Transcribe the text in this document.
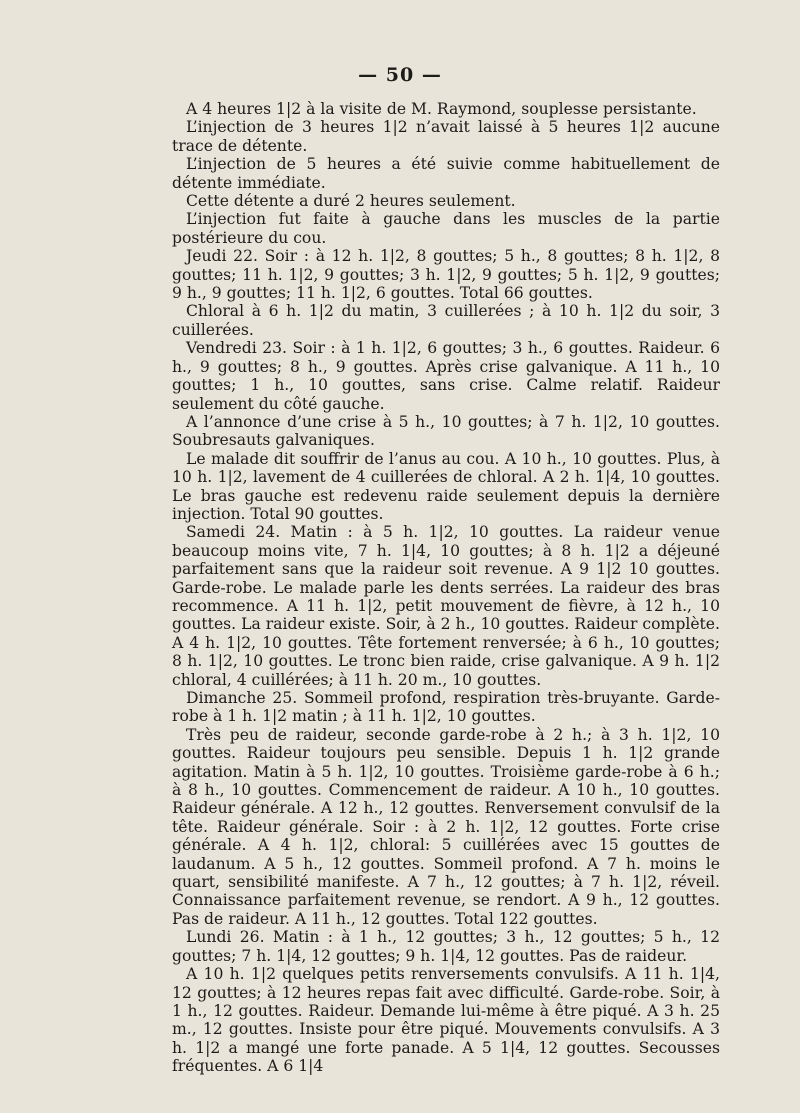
— 50 —

A 4 heures 1|2 à la visite de M. Raymond, souplesse persistante.

L’injection de 3 heures 1|2 n’avait laissé à 5 heures 1|2 aucune trace de détente.

L’injection de 5 heures a été suivie comme habituellement de détente immédiate.

Cette détente a duré 2 heures seulement.

L’injection fut faite à gauche dans les muscles de la partie postérieure du cou.

Jeudi 22. Soir : à 12 h. 1|2, 8 gouttes; 5 h., 8 gouttes; 8 h. 1|2, 8 gouttes; 11 h. 1|2, 9 gouttes; 3 h. 1|2, 9 gouttes; 5 h. 1|2, 9 gouttes; 9 h., 9 gouttes; 11 h. 1|2, 6 gouttes. Total 66 gouttes.

Chloral à 6 h. 1|2 du matin, 3 cuillerées ; à 10 h. 1|2 du soir, 3 cuillerées.

Vendredi 23. Soir : à 1 h. 1|2, 6 gouttes; 3 h., 6 gouttes. Raideur. 6 h., 9 gouttes; 8 h., 9 gouttes. Après crise galvanique. A 11 h., 10 gouttes; 1 h., 10 gouttes, sans crise. Calme relatif. Raideur seulement du côté gauche.

A l’annonce d’une crise à 5 h., 10 gouttes; à 7 h. 1|2, 10 gouttes. Soubresauts galvaniques.

Le malade dit souffrir de l’anus au cou. A 10 h., 10 gouttes. Plus, à 10 h. 1|2, lavement de 4 cuillerées de chloral. A 2 h. 1|4, 10 gouttes. Le bras gauche est redevenu raide seulement depuis la dernière injection. Total 90 gouttes.

Samedi 24. Matin : à 5 h. 1|2, 10 gouttes. La raideur venue beaucoup moins vite, 7 h. 1|4, 10 gouttes; à 8 h. 1|2 a déjeuné parfaitement sans que la raideur soit revenue. A 9 1|2 10 gouttes. Garde-robe. Le malade parle les dents serrées. La raideur des bras recommence. A 11 h. 1|2, petit mouvement de fièvre, à 12 h., 10 gouttes. La raideur existe. Soir, à 2 h., 10 gouttes. Raideur complète. A 4 h. 1|2, 10 gouttes. Tête fortement renversée; à 6 h., 10 gouttes; 8 h. 1|2, 10 gouttes. Le tronc bien raide, crise galvanique. A 9 h. 1|2 chloral, 4 cuillérées; à 11 h. 20 m., 10 gouttes.

Dimanche 25. Sommeil profond, respiration très-bruyante. Garde-robe à 1 h. 1|2 matin ; à 11 h. 1|2, 10 gouttes.

Très peu de raideur, seconde garde-robe à 2 h.; à 3 h. 1|2, 10 gouttes. Raideur toujours peu sensible. Depuis 1 h. 1|2 grande agitation. Matin à 5 h. 1|2, 10 gouttes. Troisième garde-robe à 6 h.; à 8 h., 10 gouttes. Commencement de raideur. A 10 h., 10 gouttes. Raideur générale. A 12 h., 12 gouttes. Renversement convulsif de la tête. Raideur générale. Soir : à 2 h. 1|2, 12 gouttes. Forte crise générale. A 4 h. 1|2, chloral: 5 cuillérées avec 15 gouttes de laudanum. A 5 h., 12 gouttes. Sommeil profond. A 7 h. moins le quart, sensibilité manifeste. A 7 h., 12 gouttes; à 7 h. 1|2, réveil. Connaissance parfaitement revenue, se rendort. A 9 h., 12 gouttes. Pas de raideur. A 11 h., 12 gouttes. Total 122 gouttes.

Lundi 26. Matin : à 1 h., 12 gouttes; 3 h., 12 gouttes; 5 h., 12 gouttes; 7 h. 1|4, 12 gouttes; 9 h. 1|4, 12 gouttes. Pas de raideur.

A 10 h. 1|2 quelques petits renversements convulsifs. A 11 h. 1|4, 12 gouttes; à 12 heures repas fait avec difficulté. Garde-robe. Soir, à 1 h., 12 gouttes. Raideur. Demande lui-même à être piqué. A 3 h. 25 m., 12 gouttes. Insiste pour être piqué. Mouvements convulsifs. A 3 h. 1|2 a mangé une forte panade. A 5 1|4, 12 gouttes. Secousses fréquentes. A 6 1|4
